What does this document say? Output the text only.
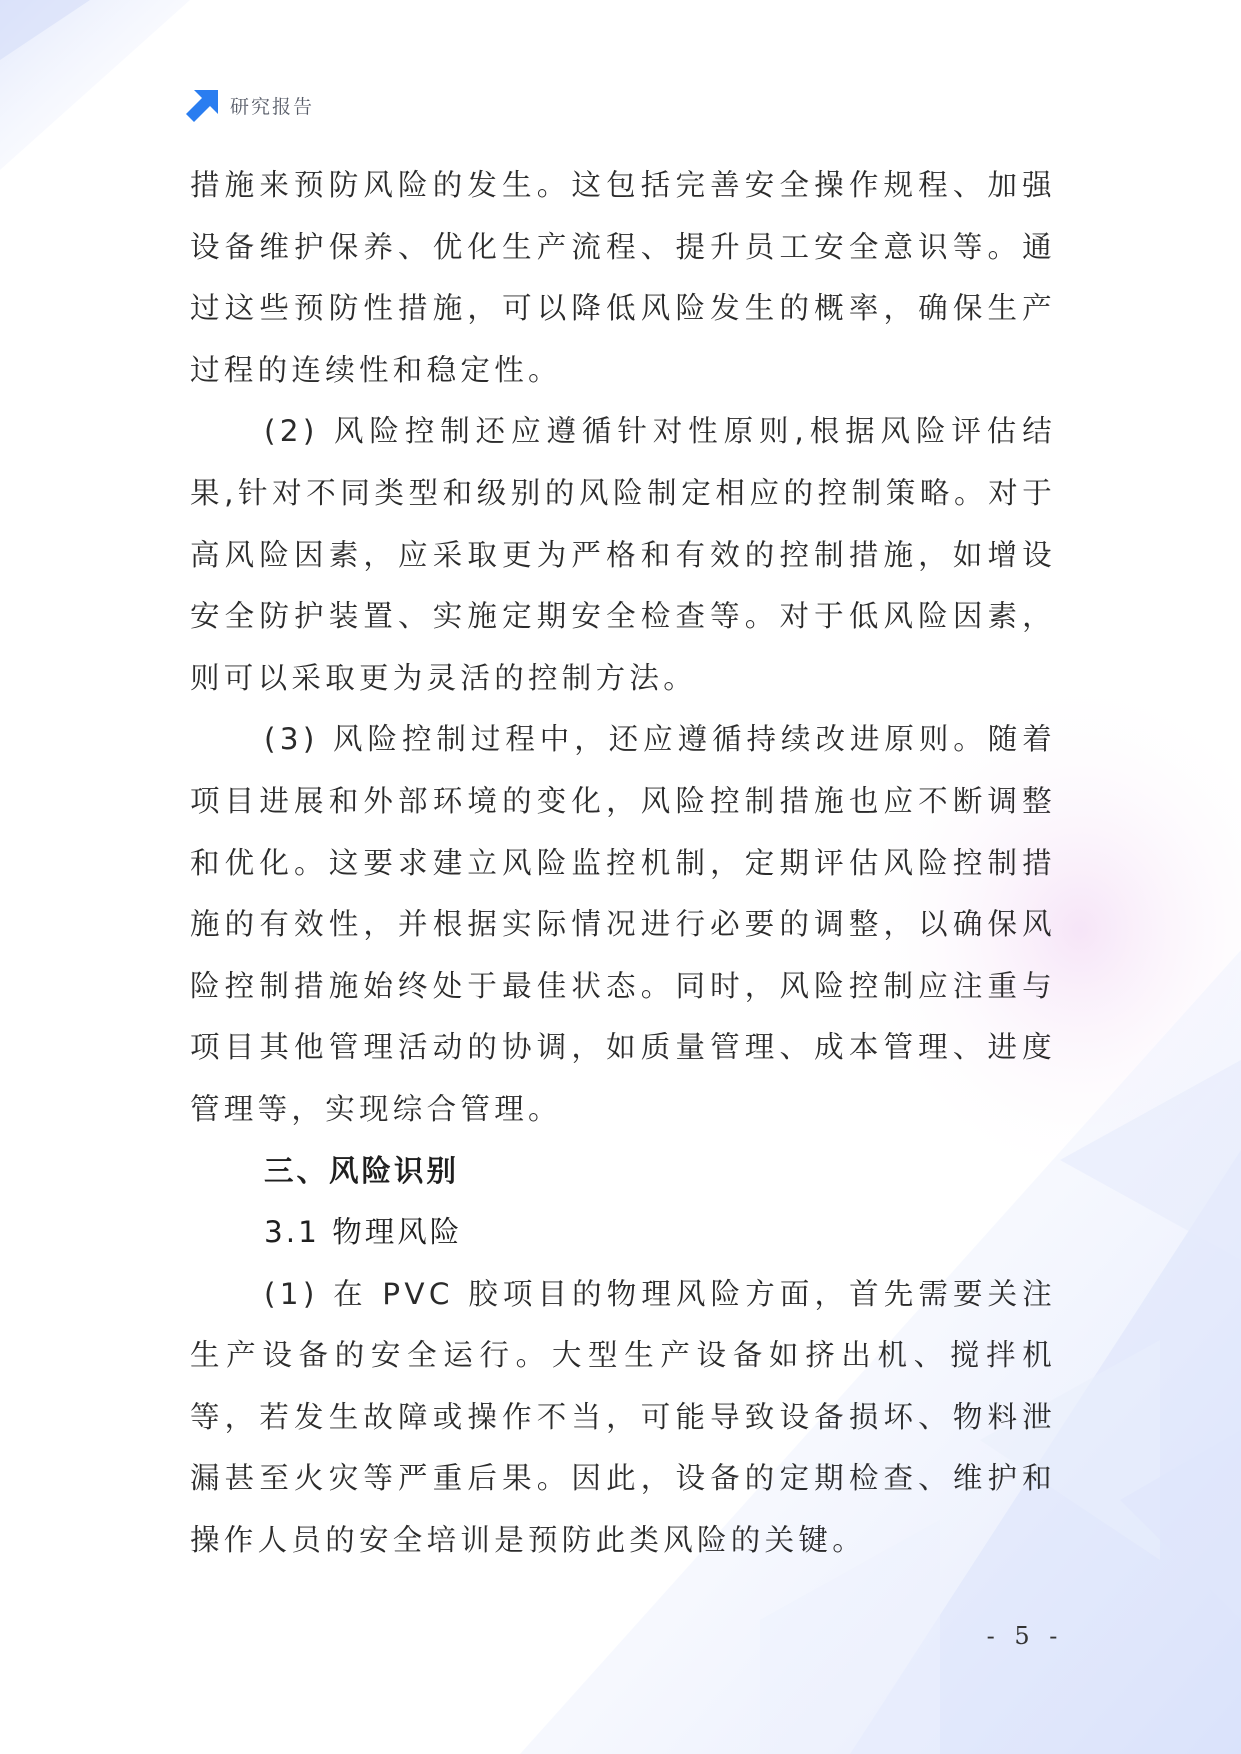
研究报告

措施来预防风险的发生。这包括完善安全操作规程、加强设备维护保养、优化生产流程、提升员工安全意识等。通过这些预防性措施，可以降低风险发生的概率，确保生产过程的连续性和稳定性。

(2) 风险控制还应遵循针对性原则,根据风险评估结果,针对不同类型和级别的风险制定相应的控制策略。对于高风险因素，应采取更为严格和有效的控制措施，如增设安全防护装置、实施定期安全检查等。对于低风险因素，则可以采取更为灵活的控制方法。

(3) 风险控制过程中，还应遵循持续改进原则。随着项目进展和外部环境的变化，风险控制措施也应不断调整和优化。这要求建立风险监控机制，定期评估风险控制措施的有效性，并根据实际情况进行必要的调整，以确保风险控制措施始终处于最佳状态。同时，风险控制应注重与项目其他管理活动的协调，如质量管理、成本管理、进度管理等，实现综合管理。

三、风险识别

3.1 物理风险

(1) 在 PVC 胶项目的物理风险方面，首先需要关注生产设备的安全运行。大型生产设备如挤出机、搅拌机等，若发生故障或操作不当，可能导致设备损坏、物料泄漏甚至火灾等严重后果。因此，设备的定期检查、维护和操作人员的安全培训是预防此类风险的关键。

- 5 -
